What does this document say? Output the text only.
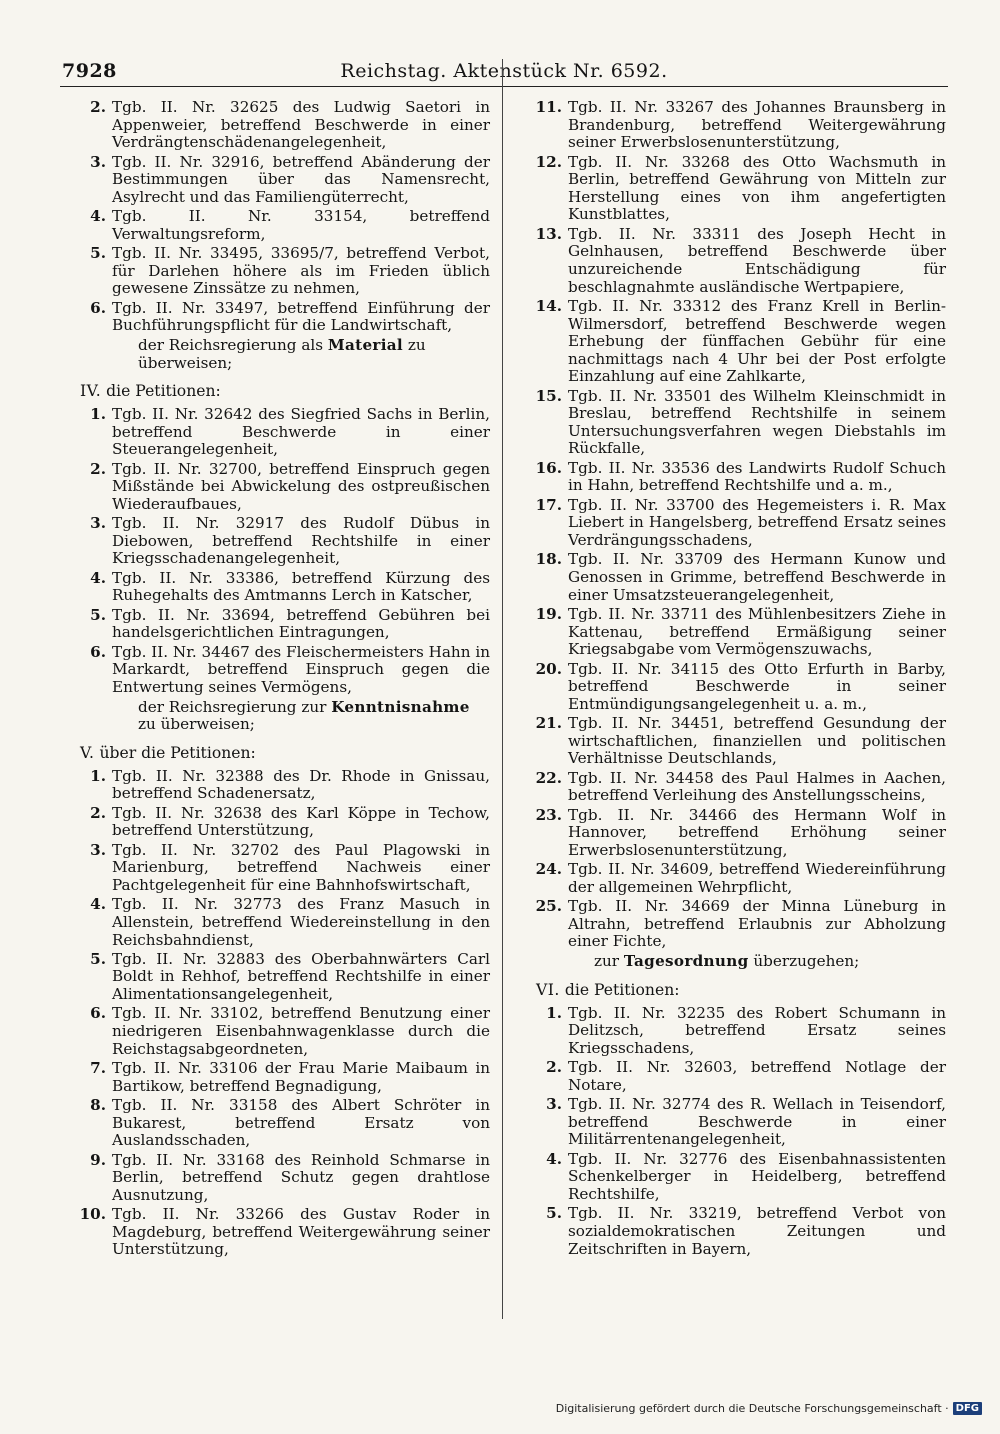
7928	Reichstag. Aktenstück Nr. 6592.
2. Tgb. II. Nr. 32625 des Ludwig Saetori in Appenweier, betreffend Beschwerde in einer Verdrängtenschädenangelegenheit,
3. Tgb. II. Nr. 32916, betreffend Abänderung der Bestimmungen über das Namensrecht, Asylrecht und das Familiengüterrecht,
4. Tgb. II. Nr. 33154, betreffend Verwaltungsreform,
5. Tgb. II. Nr. 33495, 33695/7, betreffend Verbot, für Darlehen höhere als im Frieden üblich gewesene Zinssätze zu nehmen,
6. Tgb. II. Nr. 33497, betreffend Einführung der Buchführungspflicht für die Landwirtschaft,
der Reichsregierung als Material zu überweisen;
IV. die Petitionen:
1. Tgb. II. Nr. 32642 des Siegfried Sachs in Berlin, betreffend Beschwerde in einer Steuerangelegenheit,
2. Tgb. II. Nr. 32700, betreffend Einspruch gegen Mißstände bei Abwickelung des ostpreußischen Wiederaufbaues,
3. Tgb. II. Nr. 32917 des Rudolf Dübus in Diebowen, betreffend Rechtshilfe in einer Kriegsschadenangelegenheit,
4. Tgb. II. Nr. 33386, betreffend Kürzung des Ruhegehalts des Amtmanns Lerch in Katscher,
5. Tgb. II. Nr. 33694, betreffend Gebühren bei handelsgerichtlichen Eintragungen,
6. Tgb. II. Nr. 34467 des Fleischermeisters Hahn in Markardt, betreffend Einspruch gegen die Entwertung seines Vermögens,
der Reichsregierung zur Kenntnisnahme zu überweisen;
V. über die Petitionen:
1. Tgb. II. Nr. 32388 des Dr. Rhode in Gnissau, betreffend Schadenersatz,
2. Tgb. II. Nr. 32638 des Karl Köppe in Techow, betreffend Unterstützung,
3. Tgb. II. Nr. 32702 des Paul Plagowski in Marienburg, betreffend Nachweis einer Pachtgelegenheit für eine Bahnhofswirtschaft,
4. Tgb. II. Nr. 32773 des Franz Masuch in Allenstein, betreffend Wiedereinstellung in den Reichsbahndienst,
5. Tgb. II. Nr. 32883 des Oberbahnwärters Carl Boldt in Rehhof, betreffend Rechtshilfe in einer Alimentationsangelegenheit,
6. Tgb. II. Nr. 33102, betreffend Benutzung einer niedrigeren Eisenbahnwagenklasse durch die Reichstagsabgeordneten,
7. Tgb. II. Nr. 33106 der Frau Marie Maibaum in Bartikow, betreffend Begnadigung,
8. Tgb. II. Nr. 33158 des Albert Schröter in Bukarest, betreffend Ersatz von Auslandsschaden,
9. Tgb. II. Nr. 33168 des Reinhold Schmarse in Berlin, betreffend Schutz gegen drahtlose Ausnutzung,
10. Tgb. II. Nr. 33266 des Gustav Roder in Magdeburg, betreffend Weitergewährung seiner Unterstützung,
11. Tgb. II. Nr. 33267 des Johannes Braunsberg in Brandenburg, betreffend Weitergewährung seiner Erwerbslosenunterstützung,
12. Tgb. II. Nr. 33268 des Otto Wachsmuth in Berlin, betreffend Gewährung von Mitteln zur Herstellung eines von ihm angefertigten Kunstblattes,
13. Tgb. II. Nr. 33311 des Joseph Hecht in Gelnhausen, betreffend Beschwerde über unzureichende Entschädigung für beschlagnahmte ausländische Wertpapiere,
14. Tgb. II. Nr. 33312 des Franz Krell in Berlin-Wilmersdorf, betreffend Beschwerde wegen Erhebung der fünffachen Gebühr für eine nachmittags nach 4 Uhr bei der Post erfolgte Einzahlung auf eine Zahlkarte,
15. Tgb. II. Nr. 33501 des Wilhelm Kleinschmidt in Breslau, betreffend Rechtshilfe in seinem Untersuchungsverfahren wegen Diebstahls im Rückfalle,
16. Tgb. II. Nr. 33536 des Landwirts Rudolf Schuch in Hahn, betreffend Rechtshilfe und a. m.,
17. Tgb. II. Nr. 33700 des Hegemeisters i. R. Max Liebert in Hangelsberg, betreffend Ersatz seines Verdrängungsschadens,
18. Tgb. II. Nr. 33709 des Hermann Kunow und Genossen in Grimme, betreffend Beschwerde in einer Umsatzsteuerangelegenheit,
19. Tgb. II. Nr. 33711 des Mühlenbesitzers Ziehe in Kattenau, betreffend Ermäßigung seiner Kriegsabgabe vom Vermögenszuwachs,
20. Tgb. II. Nr. 34115 des Otto Erfurth in Barby, betreffend Beschwerde in seiner Entmündigungsangelegenheit u. a. m.,
21. Tgb. II. Nr. 34451, betreffend Gesundung der wirtschaftlichen, finanziellen und politischen Verhältnisse Deutschlands,
22. Tgb. II. Nr. 34458 des Paul Halmes in Aachen, betreffend Verleihung des Anstellungsscheins,
23. Tgb. II. Nr. 34466 des Hermann Wolf in Hannover, betreffend Erhöhung seiner Erwerbslosenunterstützung,
24. Tgb. II. Nr. 34609, betreffend Wiedereinführung der allgemeinen Wehrpflicht,
25. Tgb. II. Nr. 34669 der Minna Lüneburg in Altrahn, betreffend Erlaubnis zur Abholzung einer Fichte,
zur Tagesordnung überzugehen;
VI. die Petitionen:
1. Tgb. II. Nr. 32235 des Robert Schumann in Delitzsch, betreffend Ersatz seines Kriegsschadens,
2. Tgb. II. Nr. 32603, betreffend Notlage der Notare,
3. Tgb. II. Nr. 32774 des R. Wellach in Teisendorf, betreffend Beschwerde in einer Militärrentenangelegenheit,
4. Tgb. II. Nr. 32776 des Eisenbahnassistenten Schenkelberger in Heidelberg, betreffend Rechtshilfe,
5. Tgb. II. Nr. 33219, betreffend Verbot von sozialdemokratischen Zeitungen und Zeitschriften in Bayern,
Digitalisierung gefördert durch die Deutsche Forschungsgemeinschaft · DFG
